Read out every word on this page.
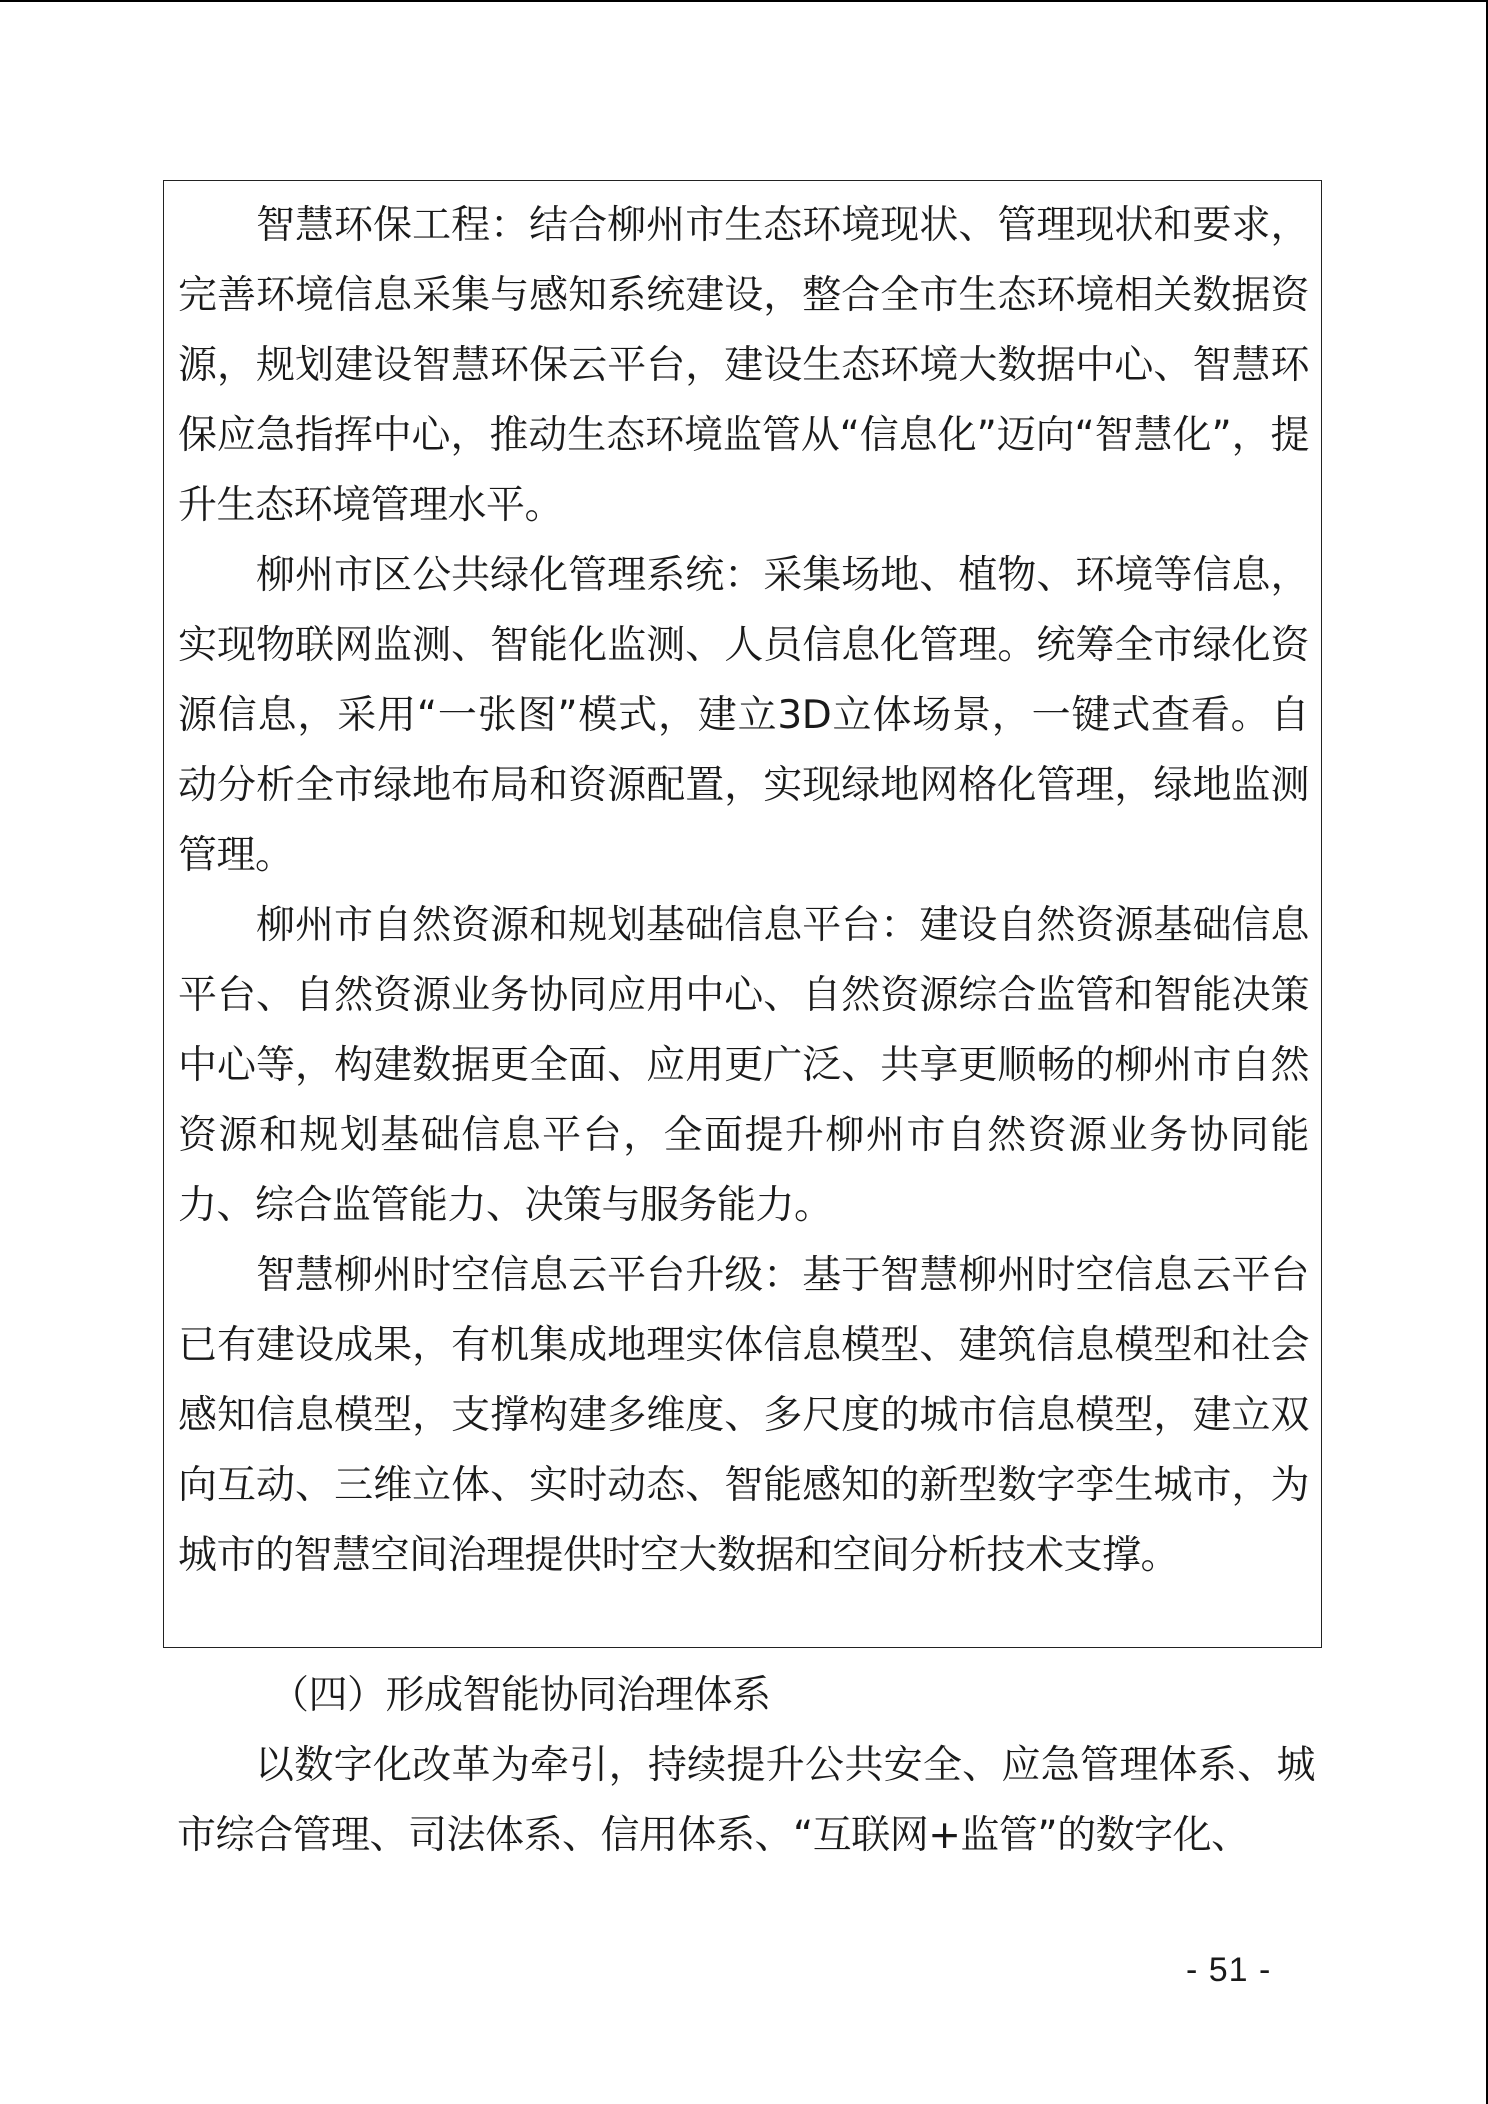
智慧环保工程：结合柳州市生态环境现状、管理现状和要求，完善环境信息采集与感知系统建设，整合全市生态环境相关数据资源，规划建设智慧环保云平台，建设生态环境大数据中心、智慧环保应急指挥中心，推动生态环境监管从“信息化”迈向“智慧化”，提升生态环境管理水平。

柳州市区公共绿化管理系统：采集场地、植物、环境等信息，实现物联网监测、智能化监测、人员信息化管理。统筹全市绿化资源信息，采用“一张图”模式，建立3D立体场景，一键式查看。自动分析全市绿地布局和资源配置，实现绿地网格化管理，绿地监测管理。

柳州市自然资源和规划基础信息平台：建设自然资源基础信息平台、自然资源业务协同应用中心、自然资源综合监管和智能决策中心等，构建数据更全面、应用更广泛、共享更顺畅的柳州市自然资源和规划基础信息平台，全面提升柳州市自然资源业务协同能力、综合监管能力、决策与服务能力。

智慧柳州时空信息云平台升级：基于智慧柳州时空信息云平台已有建设成果，有机集成地理实体信息模型、建筑信息模型和社会感知信息模型，支撑构建多维度、多尺度的城市信息模型，建立双向互动、三维立体、实时动态、智能感知的新型数字孪生城市，为城市的智慧空间治理提供时空大数据和空间分析技术支撑。

（四）形成智能协同治理体系

以数字化改革为牵引，持续提升公共安全、应急管理体系、城市综合管理、司法体系、信用体系、“互联网+监管”的数字化、

- 51 -
